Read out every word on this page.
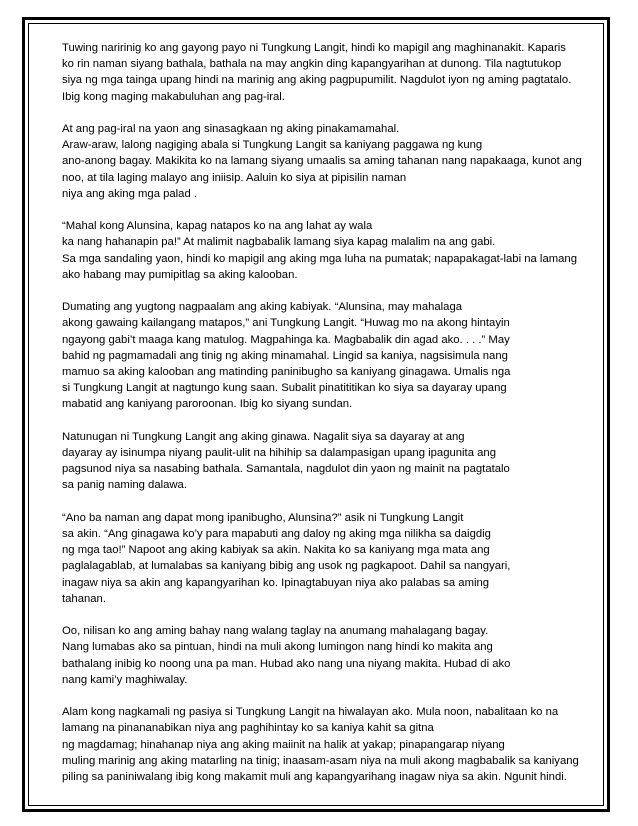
Tuwing naririnig ko ang gayong payo ni Tungkung Langit, hindi ko mapigil ang maghinanakit. Kaparis
ko rin naman siyang bathala, bathala na may angkin ding kapangyarihan at dunong. Tila nagtutukop
siya ng mga tainga upang hindi na marinig ang aking pagpupumilit. Nagdulot iyon ng aming pagtatalo.
Ibig kong maging makabuluhan ang pag-iral.

At ang pag-iral na yaon ang sinasagkaan ng aking pinakamamahal.
Araw-araw, lalong nagiging abala si Tungkung Langit sa kaniyang paggawa ng kung
ano-anong bagay. Makikita ko na lamang siyang umaalis sa aming tahanan nang napakaaga, kunot ang
noo, at tila laging malayo ang iniisip. Aaluin ko siya at pipisilin naman
niya ang aking mga palad .

“Mahal kong Alunsina, kapag natapos ko na ang lahat ay wala
ka nang hahanapin pa!” At malimit nagbabalik lamang siya kapag malalim na ang gabi.
Sa mga sandaling yaon, hindi ko mapigil ang aking mga luha na pumatak; napapakagat-labi na lamang
ako habang may pumipitlag sa aking kalooban.

Dumating ang yugtong nagpaalam ang aking kabiyak. “Alunsina, may mahalaga
akong gawaing kailangang matapos,” ani Tungkung Langit. “Huwag mo na akong hintayin
ngayong gabi’t maaga kang matulog. Magpahinga ka. Magbabalik din agad ako. . . .” May
bahid ng pagmamadali ang tinig ng aking minamahal. Lingid sa kaniya, nagsisimula nang
mamuo sa aking kalooban ang matinding paninibugho sa kaniyang ginagawa. Umalis nga
si Tungkung Langit at nagtungo kung saan. Subalit pinatititikan ko siya sa dayaray upang
mabatid ang kaniyang paroroonan. Ibig ko siyang sundan.

Natunugan ni Tungkung Langit ang aking ginawa. Nagalit siya sa dayaray at ang
dayaray ay isinumpa niyang paulit-ulit na hihihip sa dalampasigan upang ipagunita ang
pagsunod niya sa nasabing bathala. Samantala, nagdulot din yaon ng mainit na pagtatalo
sa panig naming dalawa.

“Ano ba naman ang dapat mong ipanibugho, Alunsina?” asik ni Tungkung Langit
sa akin. “Ang ginagawa ko’y para mapabuti ang daloy ng aking mga nilikha sa daigdig
ng mga tao!” Napoot ang aking kabiyak sa akin. Nakita ko sa kaniyang mga mata ang
paglalagablab, at lumalabas sa kaniyang bibig ang usok ng pagkapoot. Dahil sa nangyari,
inagaw niya sa akin ang kapangyarihan ko. Ipinagtabuyan niya ako palabas sa aming
tahanan.

Oo, nilisan ko ang aming bahay nang walang taglay na anumang mahalagang bagay.
Nang lumabas ako sa pintuan, hindi na muli akong lumingon nang hindi ko makita ang
bathalang inibig ko noong una pa man. Hubad ako nang una niyang makita. Hubad di ako
nang kami’y maghiwalay.

Alam kong nagkamali ng pasiya si Tungkung Langit na hiwalayan ako. Mula noon, nabalitaan ko na
lamang na pinananabikan niya ang paghihintay ko sa kaniya kahit sa gitna
ng magdamag; hinahanap niya ang aking maiinit na halik at yakap; pinapangarap niyang
muling marinig ang aking matarling na tinig; inaasam-asam niya na muli akong magbabalik sa kaniyang
piling sa paniniwalang ibig kong makamit muli ang kapangyarihang inagaw niya sa akin. Ngunit hindi.
